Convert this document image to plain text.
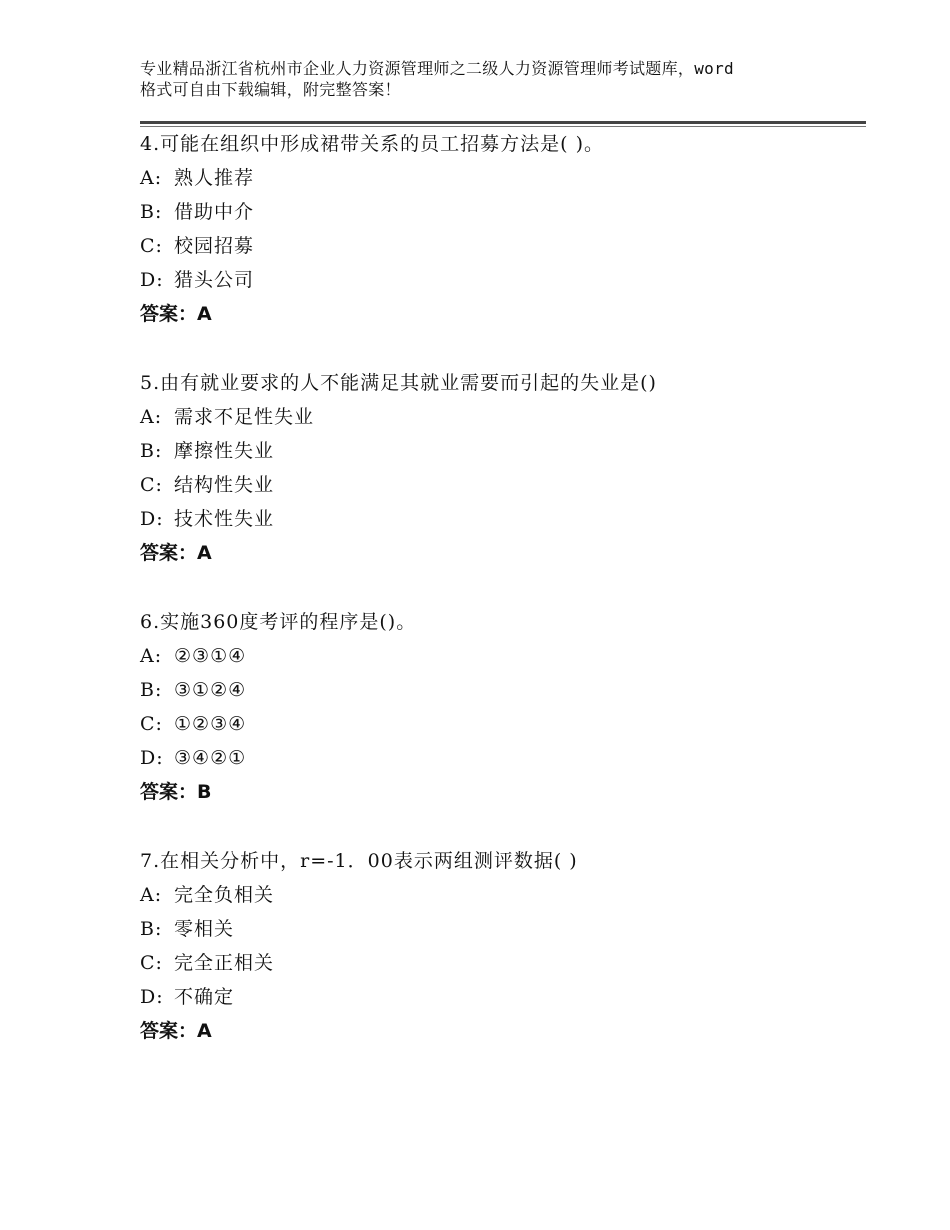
专业精品浙江省杭州市企业人力资源管理师之二级人力资源管理师考试题库，word
格式可自由下载编辑，附完整答案！
4.可能在组织中形成裙带关系的员工招募方法是( )。
A: 熟人推荐
B: 借助中介
C: 校园招募
D: 猎头公司
答案：A
5.由有就业要求的人不能满足其就业需要而引起的失业是()
A: 需求不足性失业
B: 摩擦性失业
C: 结构性失业
D: 技术性失业
答案：A
6.实施360度考评的程序是()。
A: ②③①④
B: ③①②④
C: ①②③④
D: ③④②①
答案：B
7.在相关分析中，r=-1．00表示两组测评数据( )
A: 完全负相关
B: 零相关
C: 完全正相关
D: 不确定
答案：A
